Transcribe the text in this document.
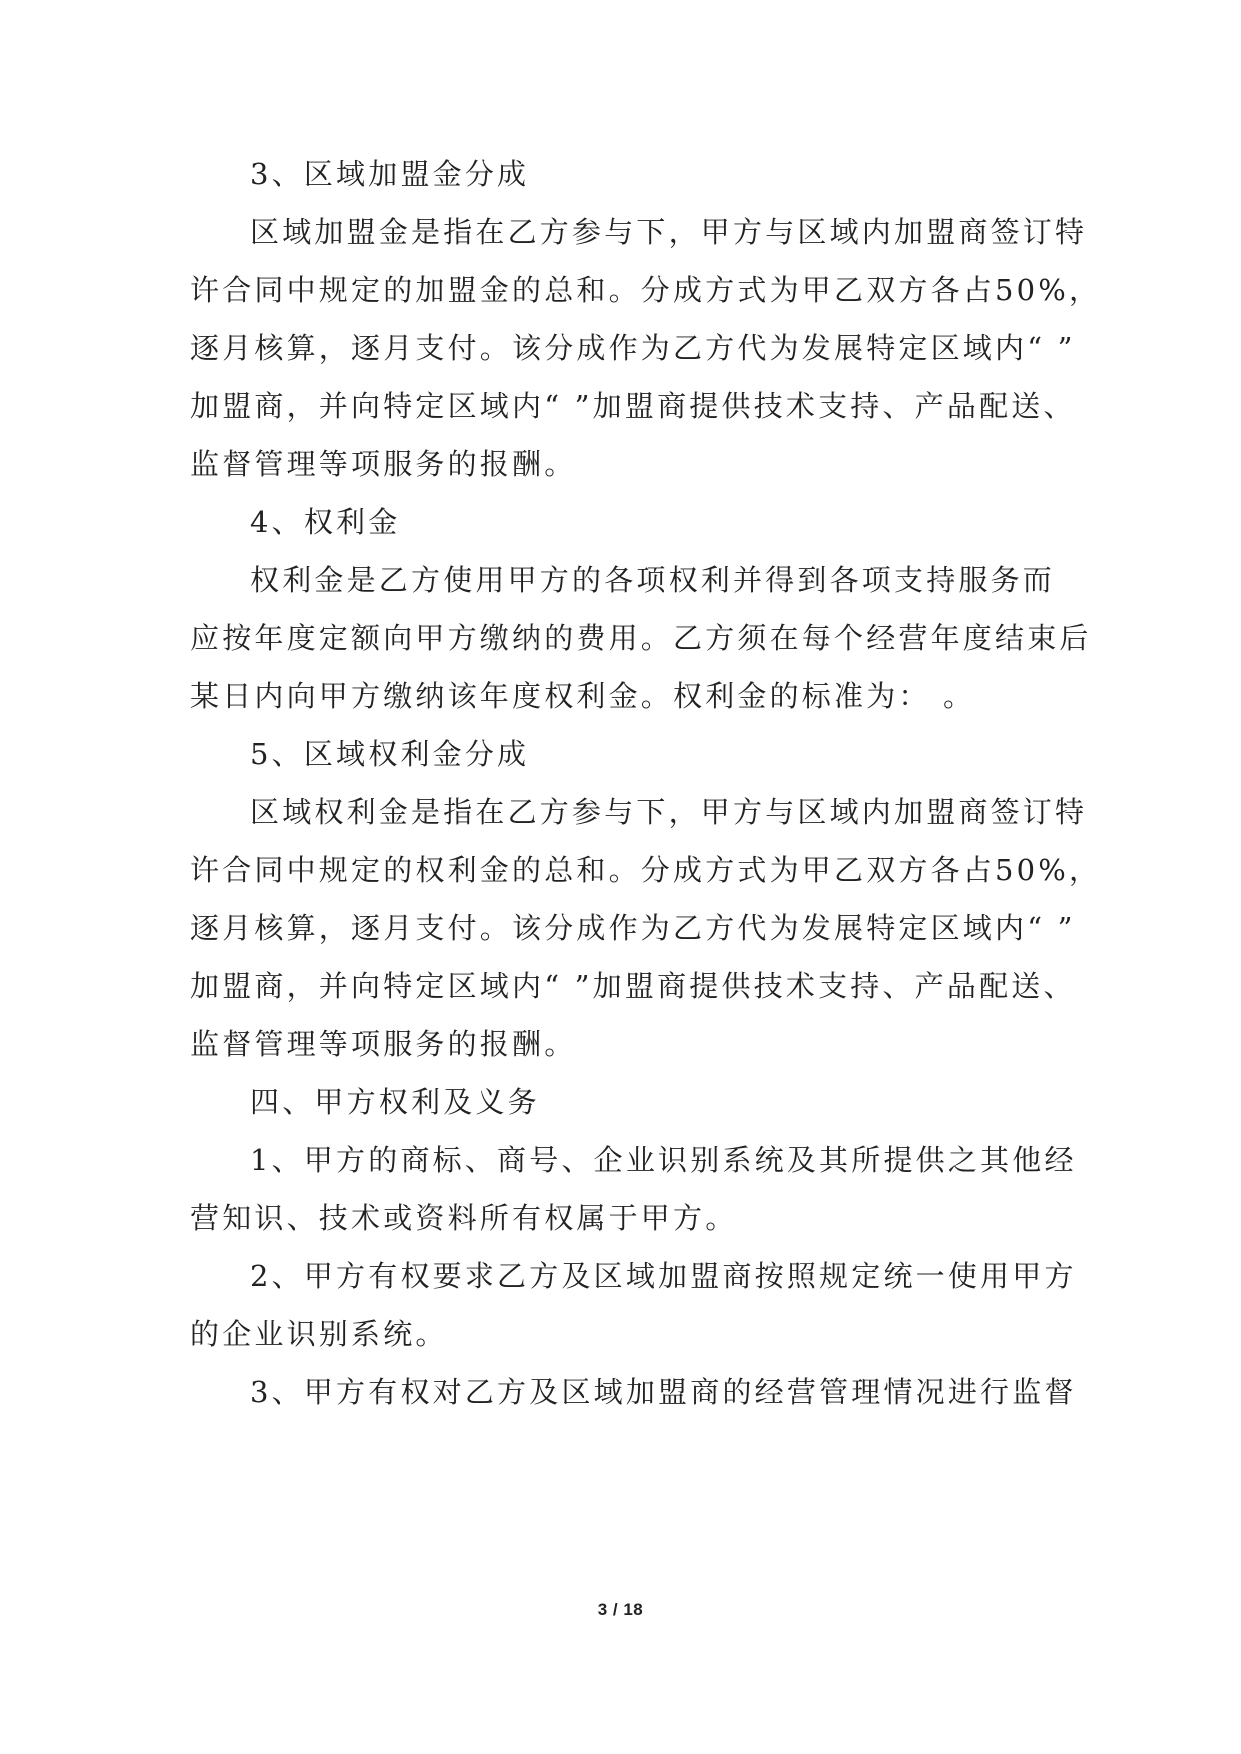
3、区域加盟金分成

区域加盟金是指在乙方参与下，甲方与区域内加盟商签订特
许合同中规定的加盟金的总和。分成方式为甲乙双方各占50%，
逐月核算，逐月支付。该分成作为乙方代为发展特定区域内“ ”
加盟商，并向特定区域内“ ”加盟商提供技术支持、产品配送、
监督管理等项服务的报酬。

4、权利金

权利金是乙方使用甲方的各项权利并得到各项支持服务而
应按年度定额向甲方缴纳的费用。乙方须在每个经营年度结束后
某日内向甲方缴纳该年度权利金。权利金的标准为： 。

5、区域权利金分成

区域权利金是指在乙方参与下，甲方与区域内加盟商签订特
许合同中规定的权利金的总和。分成方式为甲乙双方各占50%，
逐月核算，逐月支付。该分成作为乙方代为发展特定区域内“ ”
加盟商，并向特定区域内“ ”加盟商提供技术支持、产品配送、
监督管理等项服务的报酬。

四、甲方权利及义务

1、甲方的商标、商号、企业识别系统及其所提供之其他经
营知识、技术或资料所有权属于甲方。

2、甲方有权要求乙方及区域加盟商按照规定统一使用甲方
的企业识别系统。

3、甲方有权对乙方及区域加盟商的经营管理情况进行监督

3 / 18
